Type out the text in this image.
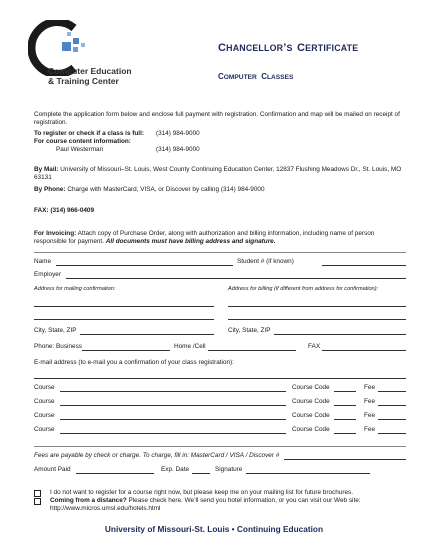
Computer Education
& Training Center
CHANCELLOR’S CERTIFICATE
COMPUTER CLASSES
Complete the application form below and enclose full payment with registration. Confirmation and map will be mailed on receipt of registration.
To register or check if a class is full: (314) 984-9000
For course content information:
Paul Westerman	(314) 984-9000
By Mail: University of Missouri–St. Louis, West County Continuing Education Center, 12837 Flushing Meadows Dr., St. Louis, MO 63131
By Phone: Charge with MasterCard, VISA, or Discover by calling (314) 984-9000
FAX: (314) 966-0409
For Invoicing: Attach copy of Purchase Order, along with authorization and billing information, including name of person responsible for payment. All documents must have billing address and signature.
Name	Student # (if known)
Employer
Address for mailing confirmation:	Address for billing (if different from address for confirmation):
City, State, ZIP	City, State, ZIP
Phone: Business	Home /Cell	FAX
E-mail address (to e-mail you a confirmation of your class registration):
Course	Course Code	Fee
Course	Course Code	Fee
Course	Course Code	Fee
Course	Course Code	Fee
Fees are payable by check or charge. To charge, fill in: MasterCard / VISA / Discover #
Amount Paid	Exp. Date	Signature
I do not want to register for a course right now, but please keep me on your mailing list for future brochures.
Coming from a distance? Please check here. We’ll send you hotel information, or you can visit our Web site:
http://www.micros.umsl.edu/hotels.html
University of Missouri-St. Louis • Continuing Education
